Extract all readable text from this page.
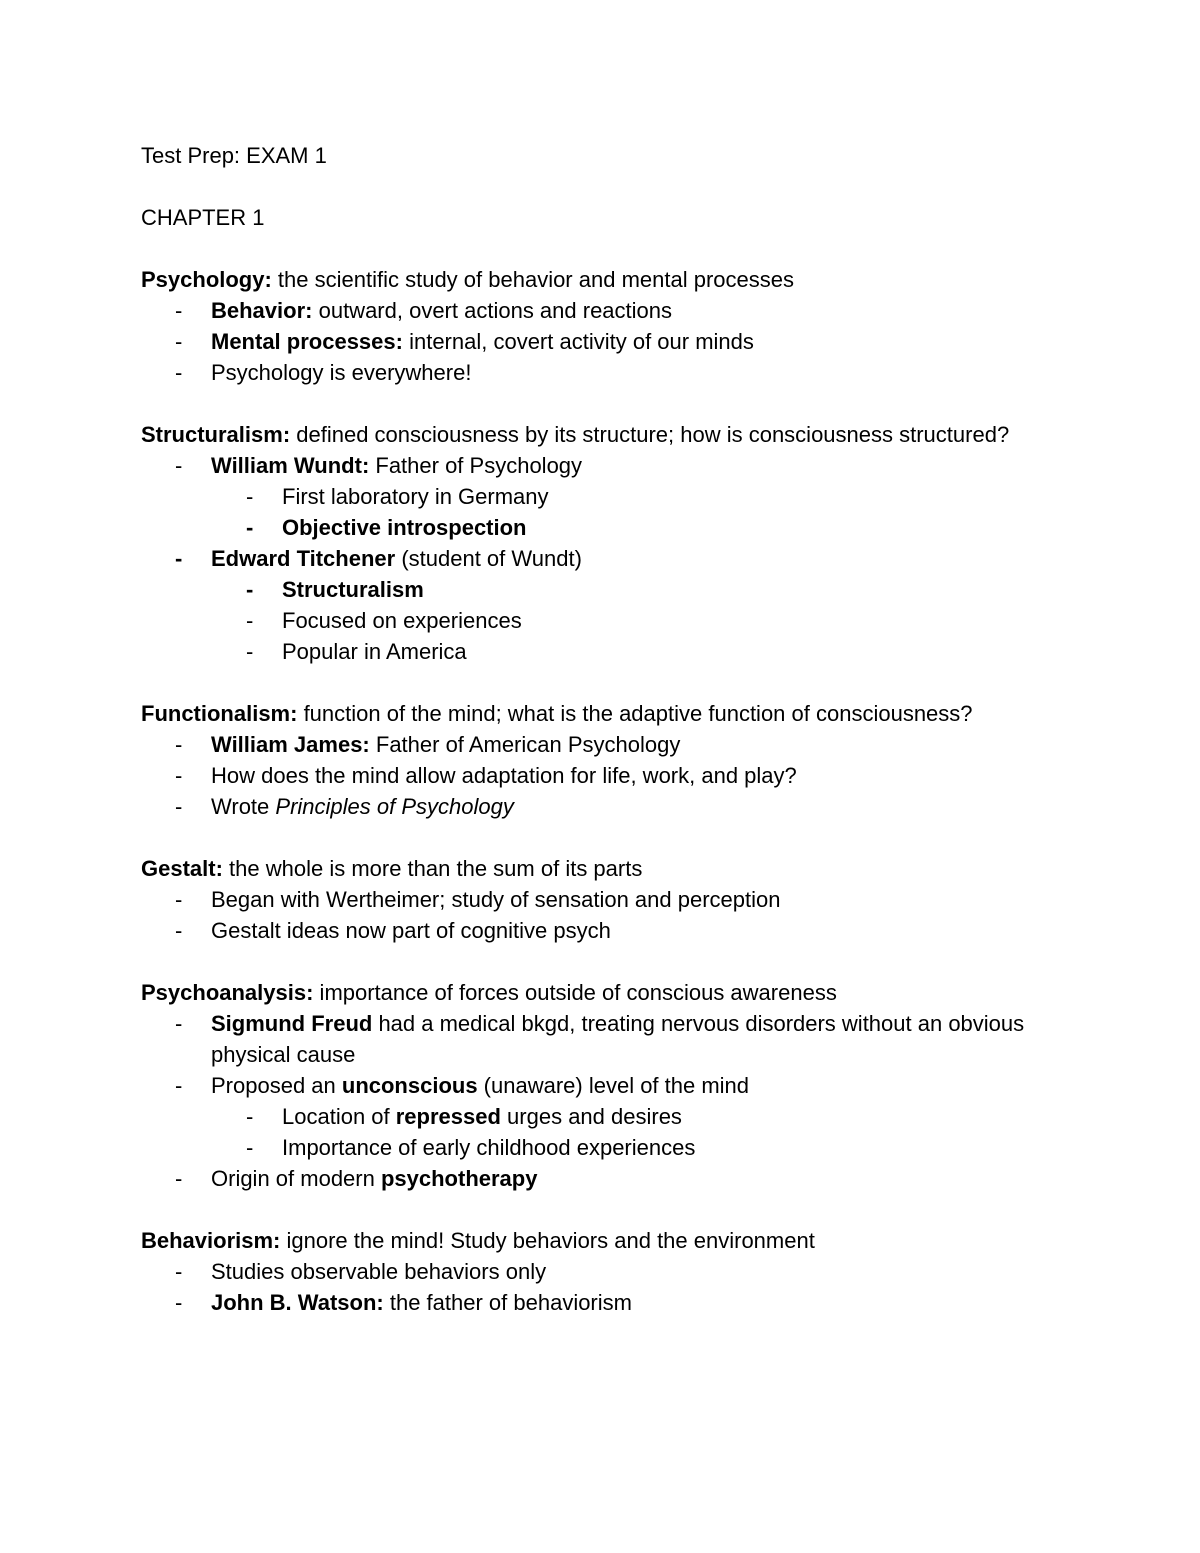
Test Prep: EXAM 1
CHAPTER 1
Psychology: the scientific study of behavior and mental processes
- Behavior: outward, overt actions and reactions
- Mental processes: internal, covert activity of our minds
- Psychology is everywhere!
Structuralism: defined consciousness by its structure; how is consciousness structured?
- William Wundt: Father of Psychology
- First laboratory in Germany
- Objective introspection
- Edward Titchener (student of Wundt)
- Structuralism
- Focused on experiences
- Popular in America
Functionalism: function of the mind; what is the adaptive function of consciousness?
- William James: Father of American Psychology
- How does the mind allow adaptation for life, work, and play?
- Wrote Principles of Psychology
Gestalt: the whole is more than the sum of its parts
- Began with Wertheimer; study of sensation and perception
- Gestalt ideas now part of cognitive psych
Psychoanalysis: importance of forces outside of conscious awareness
- Sigmund Freud had a medical bkgd, treating nervous disorders without an obvious physical cause
- Proposed an unconscious (unaware) level of the mind
- Location of repressed urges and desires
- Importance of early childhood experiences
- Origin of modern psychotherapy
Behaviorism: ignore the mind! Study behaviors and the environment
- Studies observable behaviors only
- John B. Watson: the father of behaviorism
